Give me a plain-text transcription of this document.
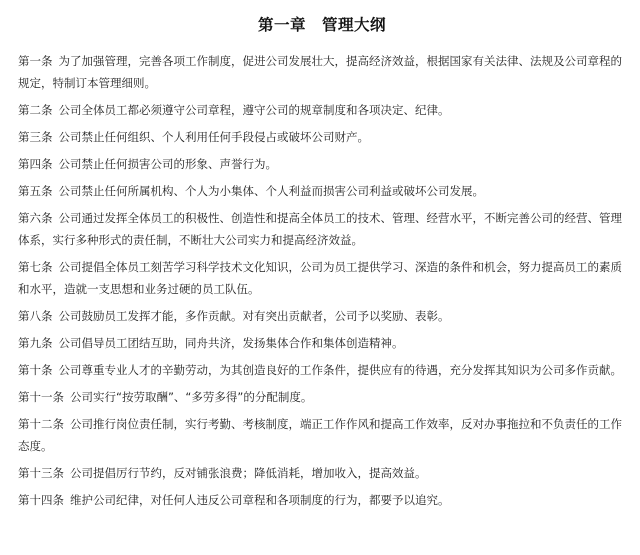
第一章　管理大纲

第一条 为了加强管理，完善各项工作制度，促进公司发展壮大，提高经济效益，根据国家有关法律、法规及公司章程的规定，特制订本管理细则。

第二条 公司全体员工都必须遵守公司章程，遵守公司的规章制度和各项决定、纪律。

第三条 公司禁止任何组织、个人利用任何手段侵占或破坏公司财产。

第四条 公司禁止任何损害公司的形象、声誉行为。

第五条 公司禁止任何所属机构、个人为小集体、个人利益而损害公司利益或破坏公司发展。

第六条 公司通过发挥全体员工的积极性、创造性和提高全体员工的技术、管理、经营水平，不断完善公司的经营、管理体系，实行多种形式的责任制，不断壮大公司实力和提高经济效益。

第七条 公司提倡全体员工刻苦学习科学技术文化知识，公司为员工提供学习、深造的条件和机会，努力提高员工的素质和水平，造就一支思想和业务过硬的员工队伍。

第八条 公司鼓励员工发挥才能，多作贡献。对有突出贡献者，公司予以奖励、表彰。

第九条 公司倡导员工团结互助，同舟共济，发扬集体合作和集体创造精神。

第十条 公司尊重专业人才的辛勤劳动，为其创造良好的工作条件，提供应有的待遇，充分发挥其知识为公司多作贡献。

第十一条 公司实行“按劳取酬”、“多劳多得”的分配制度。

第十二条 公司推行岗位责任制，实行考勤、考核制度，端正工作作风和提高工作效率，反对办事拖拉和不负责任的工作态度。

第十三条 公司提倡厉行节约，反对铺张浪费；降低消耗，增加收入，提高效益。

第十四条 维护公司纪律，对任何人违反公司章程和各项制度的行为，都要予以追究。
